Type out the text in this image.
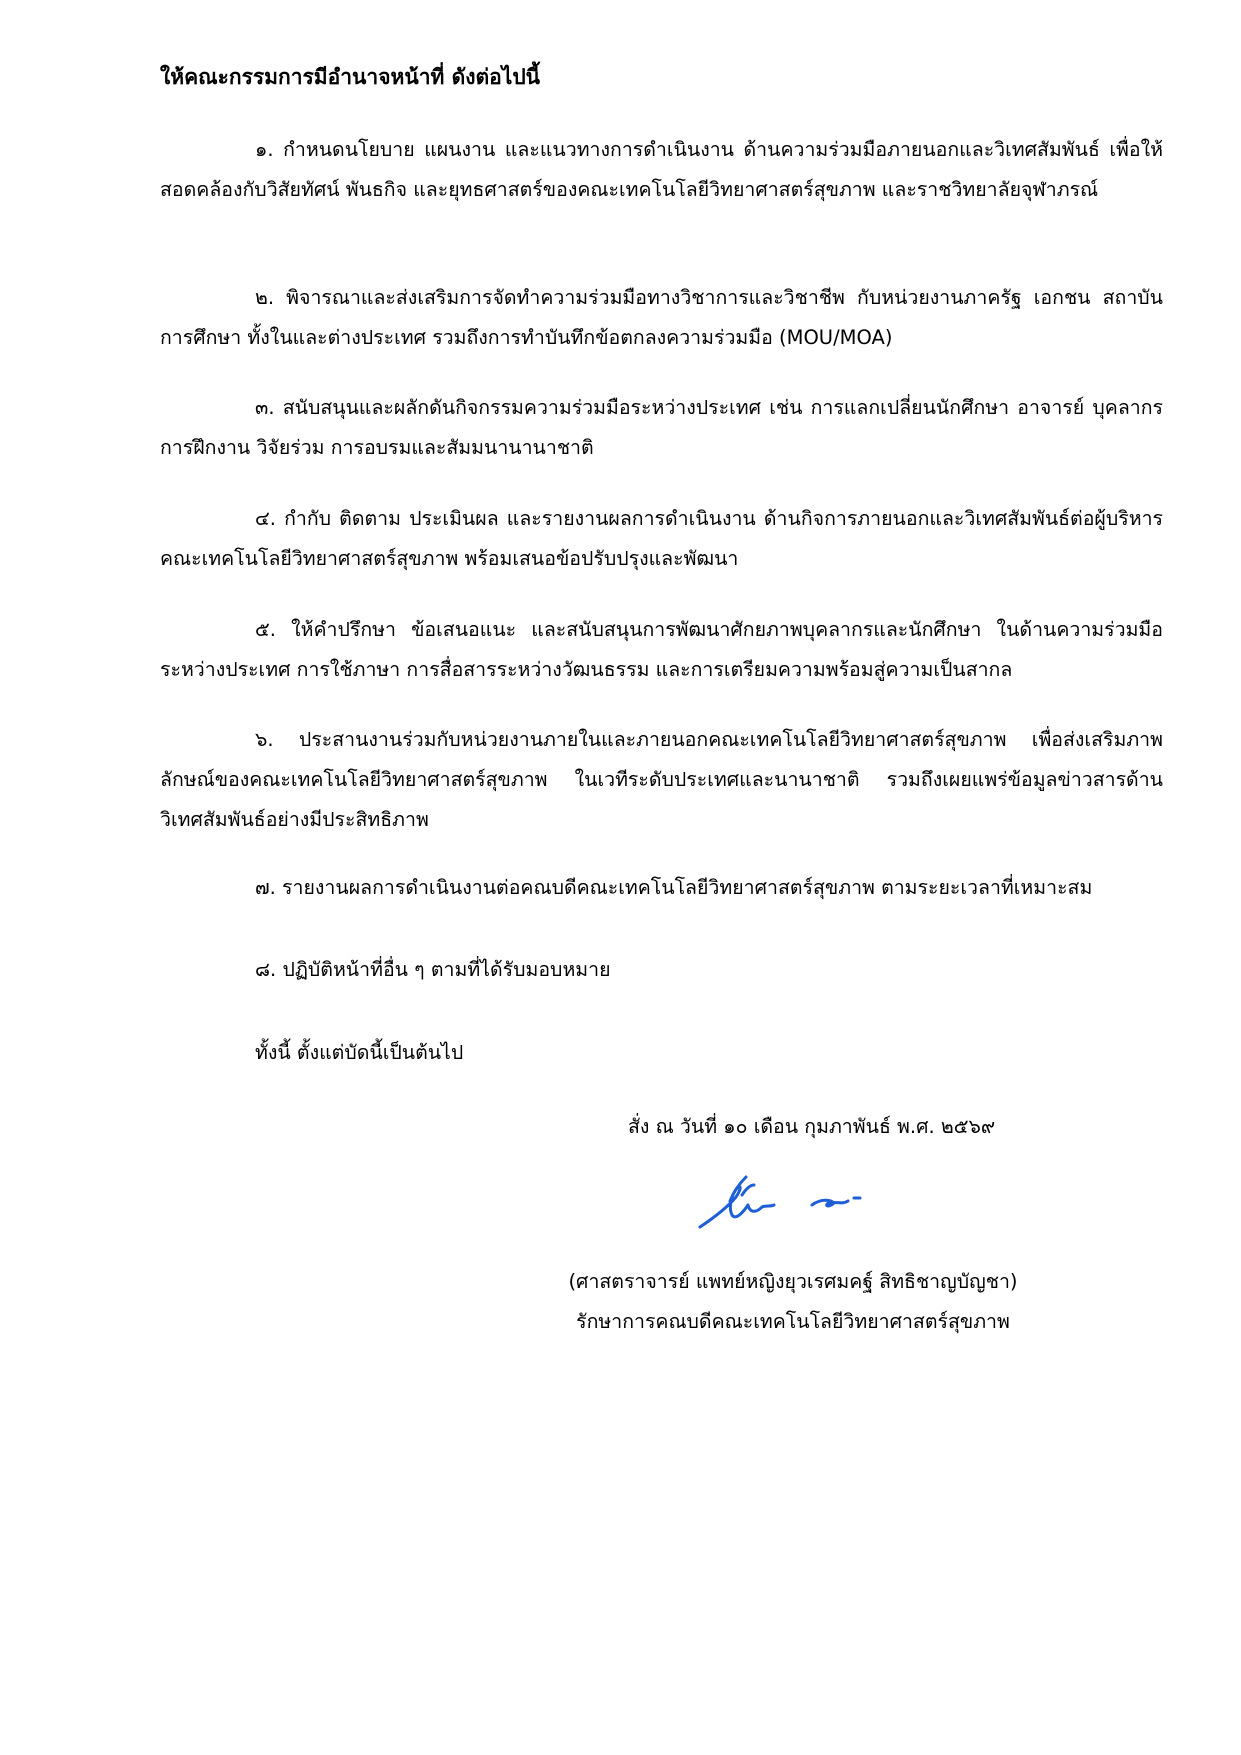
ให้คณะกรรมการมีอำนาจหน้าที่ ดังต่อไปนี้

๑. กำหนดนโยบาย แผนงาน และแนวทางการดำเนินงาน ด้านความร่วมมือภายนอกและวิเทศสัมพันธ์ เพื่อให้สอดคล้องกับวิสัยทัศน์ พันธกิจ และยุทธศาสตร์ของคณะเทคโนโลยีวิทยาศาสตร์สุขภาพ และราชวิทยาลัยจุฬาภรณ์

๒. พิจารณาและส่งเสริมการจัดทำความร่วมมือทางวิชาการและวิชาชีพ กับหน่วยงานภาครัฐ เอกชน สถาบันการศึกษา ทั้งในและต่างประเทศ รวมถึงการทำบันทึกข้อตกลงความร่วมมือ (MOU/MOA)

๓. สนับสนุนและผลักดันกิจกรรมความร่วมมือระหว่างประเทศ เช่น การแลกเปลี่ยนนักศึกษา อาจารย์ บุคลากร การฝึกงาน วิจัยร่วม การอบรมและสัมมนานานาชาติ

๔. กำกับ ติดตาม ประเมินผล และรายงานผลการดำเนินงาน ด้านกิจการภายนอกและวิเทศสัมพันธ์ต่อผู้บริหารคณะเทคโนโลยีวิทยาศาสตร์สุขภาพ พร้อมเสนอข้อปรับปรุงและพัฒนา

๕. ให้คำปรึกษา ข้อเสนอแนะ และสนับสนุนการพัฒนาศักยภาพบุคลากรและนักศึกษา ในด้านความร่วมมือระหว่างประเทศ การใช้ภาษา การสื่อสารระหว่างวัฒนธรรม และการเตรียมความพร้อมสู่ความเป็นสากล

๖. ประสานงานร่วมกับหน่วยงานภายในและภายนอกคณะเทคโนโลยีวิทยาศาสตร์สุขภาพ เพื่อส่งเสริมภาพลักษณ์ของคณะเทคโนโลยีวิทยาศาสตร์สุขภาพ ในเวทีระดับประเทศและนานาชาติ รวมถึงเผยแพร่ข้อมูลข่าวสารด้านวิเทศสัมพันธ์อย่างมีประสิทธิภาพ

๗. รายงานผลการดำเนินงานต่อคณบดีคณะเทคโนโลยีวิทยาศาสตร์สุขภาพ ตามระยะเวลาที่เหมาะสม

๘. ปฏิบัติหน้าที่อื่น ๆ ตามที่ได้รับมอบหมาย

ทั้งนี้ ตั้งแต่บัดนี้เป็นต้นไป

สั่ง ณ วันที่ ๑๐ เดือน กุมภาพันธ์ พ.ศ. ๒๕๖๙

(ศาสตราจารย์ แพทย์หญิงยุวเรศมคฐ์ สิทธิชาญบัญชา)

รักษาการคณบดีคณะเทคโนโลยีวิทยาศาสตร์สุขภาพ
